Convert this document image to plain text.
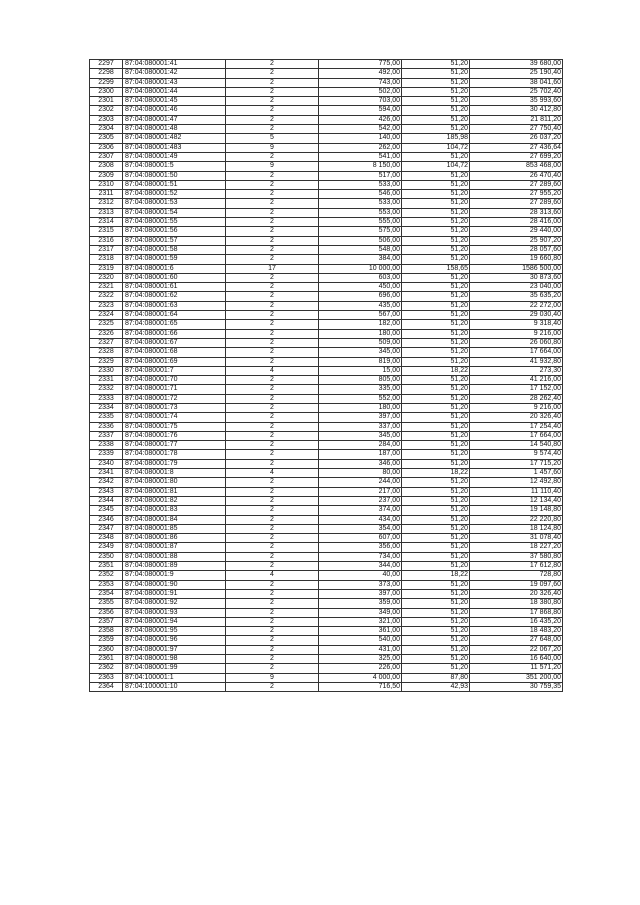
2297	87:04:080001:41	2	775,00	51,20	39 680,00
2298	87:04:080001:42	2	492,00	51,20	25 190,40
2299	87:04:080001:43	2	743,00	51,20	38 041,60
2300	87:04:080001:44	2	502,00	51,20	25 702,40
2301	87:04:080001:45	2	703,00	51,20	35 993,60
2302	87:04:080001:46	2	594,00	51,20	30 412,80
2303	87:04:080001:47	2	426,00	51,20	21 811,20
2304	87:04:080001:48	2	542,00	51,20	27 750,40
2305	87:04:080001:482	5	140,00	185,98	26 037,20
2306	87:04:080001:483	9	262,00	104,72	27 436,64
2307	87:04:080001:49	2	541,00	51,20	27 699,20
2308	87:04:080001:5	9	8 150,00	104,72	853 468,00
2309	87:04:080001:50	2	517,00	51,20	26 470,40
2310	87:04:080001:51	2	533,00	51,20	27 289,60
2311	87:04:080001:52	2	546,00	51,20	27 955,20
2312	87:04:080001:53	2	533,00	51,20	27 289,60
2313	87:04:080001:54	2	553,00	51,20	28 313,60
2314	87:04:080001:55	2	555,00	51,20	28 416,00
2315	87:04:080001:56	2	575,00	51,20	29 440,00
2316	87:04:080001:57	2	506,00	51,20	25 907,20
2317	87:04:080001:58	2	548,00	51,20	28 057,60
2318	87:04:080001:59	2	384,00	51,20	19 660,80
2319	87:04:080001:6	17	10 000,00	158,65	1586 500,00
2320	87:04:080001:60	2	603,00	51,20	30 873,60
2321	87:04:080001:61	2	450,00	51,20	23 040,00
2322	87:04:080001:62	2	696,00	51,20	35 635,20
2323	87:04:080001:63	2	435,00	51,20	22 272,00
2324	87:04:080001:64	2	567,00	51,20	29 030,40
2325	87:04:080001:65	2	182,00	51,20	9 318,40
2326	87:04:080001:66	2	180,00	51,20	9 216,00
2327	87:04:080001:67	2	509,00	51,20	26 060,80
2328	87:04:080001:68	2	345,00	51,20	17 664,00
2329	87:04:080001:69	2	819,00	51,20	41 932,80
2330	87:04:080001:7	4	15,00	18,22	273,30
2331	87:04:080001:70	2	805,00	51,20	41 216,00
2332	87:04:080001:71	2	335,00	51,20	17 152,00
2333	87:04:080001:72	2	552,00	51,20	28 262,40
2334	87:04:080001:73	2	180,00	51,20	9 216,00
2335	87:04:080001:74	2	397,00	51,20	20 326,40
2336	87:04:080001:75	2	337,00	51,20	17 254,40
2337	87:04:080001:76	2	345,00	51,20	17 664,00
2338	87:04:080001:77	2	284,00	51,20	14 540,80
2339	87:04:080001:78	2	187,00	51,20	9 574,40
2340	87:04:080001:79	2	346,00	51,20	17 715,20
2341	87:04:080001:8	4	80,00	18,22	1 457,60
2342	87:04:080001:80	2	244,00	51,20	12 492,80
2343	87:04:080001:81	2	217,00	51,20	11 110,40
2344	87:04:080001:82	2	237,00	51,20	12 134,40
2345	87:04:080001:83	2	374,00	51,20	19 148,80
2346	87:04:080001:84	2	434,00	51,20	22 220,80
2347	87:04:080001:85	2	354,00	51,20	18 124,80
2348	87:04:080001:86	2	607,00	51,20	31 078,40
2349	87:04:080001:87	2	356,00	51,20	18 227,20
2350	87:04:080001:88	2	734,00	51,20	37 580,80
2351	87:04:080001:89	2	344,00	51,20	17 612,80
2352	87:04:080001:9	4	40,00	18,22	728,80
2353	87:04:080001:90	2	373,00	51,20	19 097,60
2354	87:04:080001:91	2	397,00	51,20	20 326,40
2355	87:04:080001:92	2	359,00	51,20	18 380,80
2356	87:04:080001:93	2	349,00	51,20	17 868,80
2357	87:04:080001:94	2	321,00	51,20	16 435,20
2358	87:04:080001:95	2	361,00	51,20	18 483,20
2359	87:04:080001:96	2	540,00	51,20	27 648,00
2360	87:04:080001:97	2	431,00	51,20	22 067,20
2361	87:04:080001:98	2	325,00	51,20	16 640,00
2362	87:04:080001:99	2	226,00	51,20	11 571,20
2363	87:04:100001:1	9	4 000,00	87,80	351 200,00
2364	87:04:100001:10	2	716,50	42,93	30 759,35
